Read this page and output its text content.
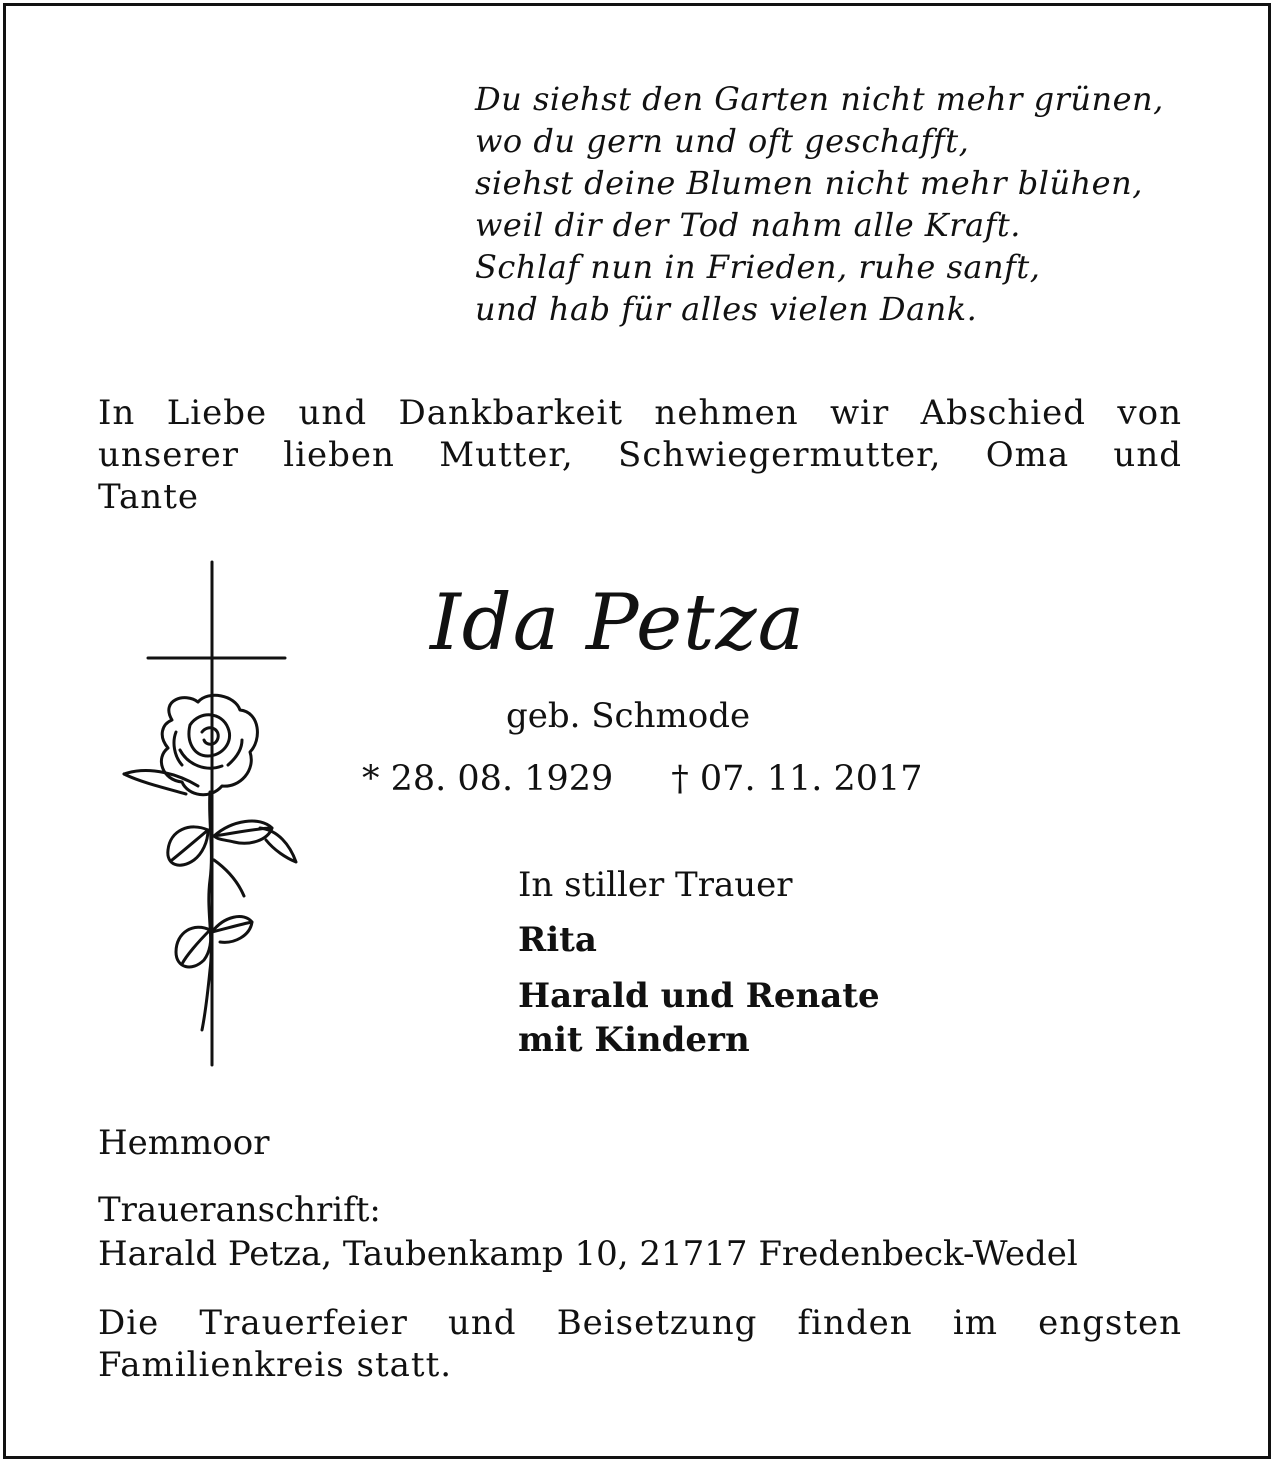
Du siehst den Garten nicht mehr grünen,
wo du gern und oft geschafft,
siehst deine Blumen nicht mehr blühen,
weil dir der Tod nahm alle Kraft.
Schlaf nun in Frieden, ruhe sanft,
und hab für alles vielen Dank.
In Liebe und Dankbarkeit nehmen wir Abschied von
unserer lieben Mutter, Schwiegermutter, Oma und
Tante
Ida Petza
geb. Schmode
* 28. 08. 1929 † 07. 11. 2017
In stiller Trauer
Rita
Harald und Renate
mit Kindern
Hemmoor
Traueranschrift:
Harald Petza, Taubenkamp 10, 21717 Fredenbeck-Wedel
Die Trauerfeier und Beisetzung finden im engsten
Familienkreis statt.
